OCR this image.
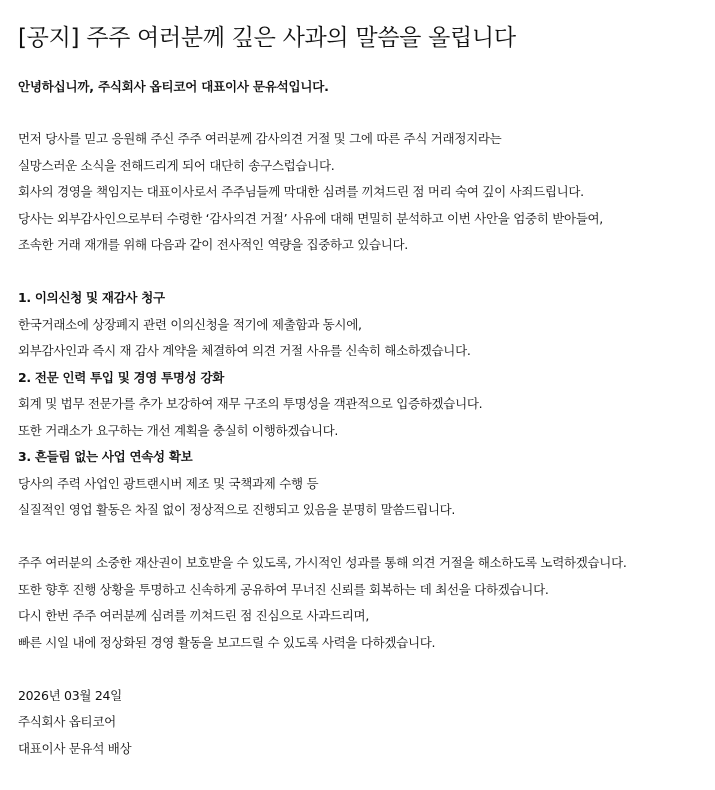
[공지] 주주 여러분께 깊은 사과의 말씀을 올립니다

안녕하십니까, 주식회사 옵티코어 대표이사 문유석입니다.

먼저 당사를 믿고 응원해 주신 주주 여러분께 감사의견 거절 및 그에 따른 주식 거래정지라는
실망스러운 소식을 전해드리게 되어 대단히 송구스럽습니다.
회사의 경영을 책임지는 대표이사로서 주주님들께 막대한 심려를 끼쳐드린 점 머리 숙여 깊이 사죄드립니다.
당사는 외부감사인으로부터 수령한 ‘감사의견 거절’ 사유에 대해 면밀히 분석하고 이번 사안을 엄중히 받아들여,
조속한 거래 재개를 위해 다음과 같이 전사적인 역량을 집중하고 있습니다.
1. 이의신청 및 재감사 청구
한국거래소에 상장폐지 관련 이의신청을 적기에 제출함과 동시에,
외부감사인과 즉시 재 감사 계약을 체결하여 의견 거절 사유를 신속히 해소하겠습니다.
2. 전문 인력 투입 및 경영 투명성 강화
회계 및 법무 전문가를 추가 보강하여 재무 구조의 투명성을 객관적으로 입증하겠습니다.
또한 거래소가 요구하는 개선 계획을 충실히 이행하겠습니다.
3. 흔들림 없는 사업 연속성 확보
당사의 주력 사업인 광트랜시버 제조 및 국책과제 수행 등
실질적인 영업 활동은 차질 없이 정상적으로 진행되고 있음을 분명히 말씀드립니다.
주주 여러분의 소중한 재산권이 보호받을 수 있도록, 가시적인 성과를 통해 의견 거절을 해소하도록 노력하겠습니다.
또한 향후 진행 상황을 투명하고 신속하게 공유하여 무너진 신뢰를 회복하는 데 최선을 다하겠습니다.
다시 한번 주주 여러분께 심려를 끼쳐드린 점 진심으로 사과드리며,
빠른 시일 내에 정상화된 경영 활동을 보고드릴 수 있도록 사력을 다하겠습니다.
2026년 03월 24일
주식회사 옵티코어
대표이사 문유석 배상
